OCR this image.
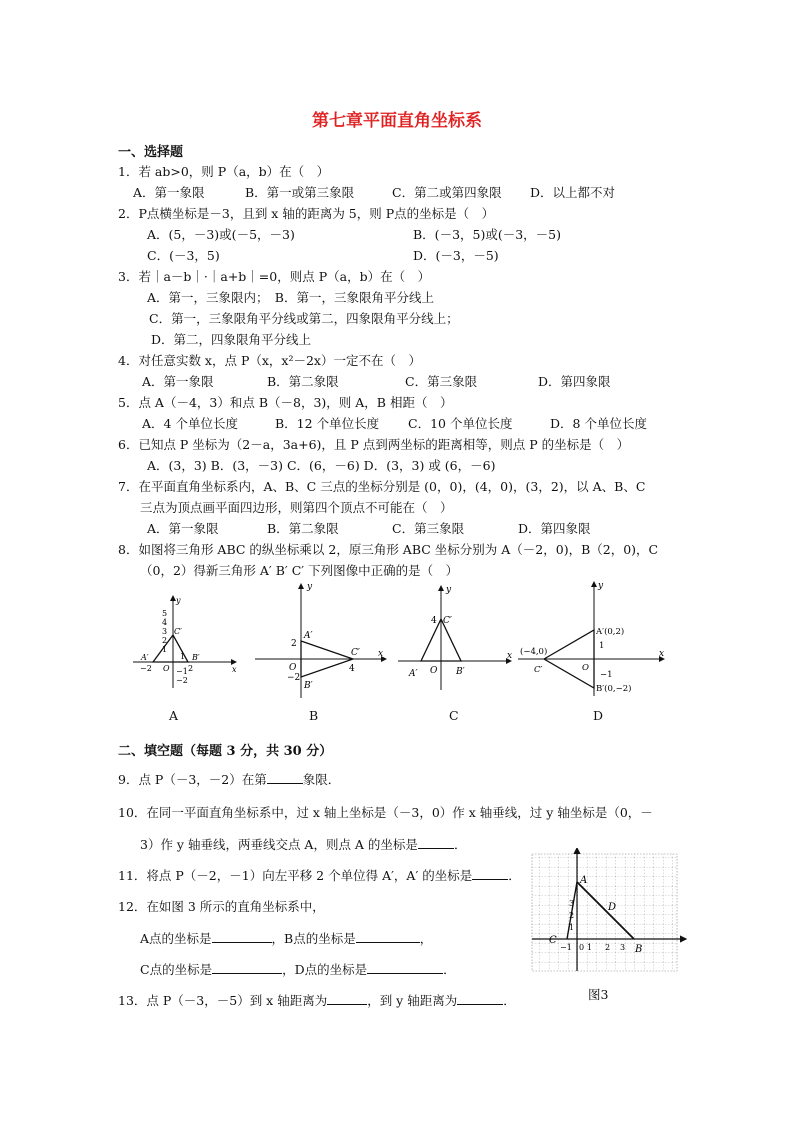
第七章平面直角坐标系
一、选择题
1．若 ab>0，则 P（a，b）在（　）
A．第一象限	B．第一或第三象限	C．第二或第四象限 D．以上都不对
2．P点横坐标是－3，且到 x 轴的距离为 5，则 P点的坐标是（　）
A．(5，－3)或(－5，－3)	B．(－3，5)或(－3，－5)
C．(－3，5)	D．(－3，－5)
3．若｜a－b｜·｜a+b｜=0，则点 P（a，b）在（　）
A．第一，三象限内；　B．第一，三象限角平分线上
C．第一，三象限角平分线或第二，四象限角平分线上；
D．第二，四象限角平分线上
4．对任意实数 x，点 P（x，x²－2x）一定不在（　）
A．第一象限	B．第二象限	C．第三象限	D．第四象限
5．点 A（－4，3）和点 B（－8，3)，则 A，B 相距（　）
A．4 个单位长度	B．12 个单位长度 C．10 个单位长度	D．8 个单位长度
6．已知点 P 坐标为（2－a，3a+6)，且 P 点到两坐标的距离相等，则点 P 的坐标是（　）
A．(3，3) B．(3，－3) C．(6，－6) D．(3，3) 或 (6，－6)
7．在平面直角坐标系内，A、B、C 三点的坐标分别是 (0，0)，(4，0)，(3，2)，以 A、B、C
三点为顶点画平面四边形，则第四个顶点不可能在（　）
A．第一象限	B．第二象限	C．第三象限	D．第四象限
8．如图将三角形 ABC 的纵坐标乘以 2，原三角形 ABC 坐标分别为 A（－2，0)，B（2，0)，C
（0，2）得新三角形 A′ B′ C′ 下列图像中正确的是（　）
y
x
5
4
3
2
1
−1
−2
−2
1
2
A′
C′
B′
O
A
y
A′
2
O
−2
B′
C′
4
x
B
y
4 C′
A′ O B′
x
C
y
A′(0,2)
1
(−4,0)
C′	O
−1
B′(0,−2)
x
D
二、填空题（每题 3 分，共 30 分）
9．点 P（－3，－2）在第	象限．
10．在同一平面直角坐标系中，过 x 轴上坐标是（－3，0）作 x 轴垂线，过 y 轴坐标是（0，－
3）作 y 轴垂线，两垂线交点 A，则点 A 的坐标是	．
11．将点 P（－2，－1）向左平移 2 个单位得 A′，A′ 的坐标是	．
12．在如图 3 所示的直角坐标系中，
A点的坐标是	，B点的坐标是	，
C点的坐标是	，D点的坐标是	．
13．点 P（－3，－5）到 x 轴距离为	，到 y 轴距离为	．
A
D
C
B
−1 0 1 2 3
3
2
1
图3
